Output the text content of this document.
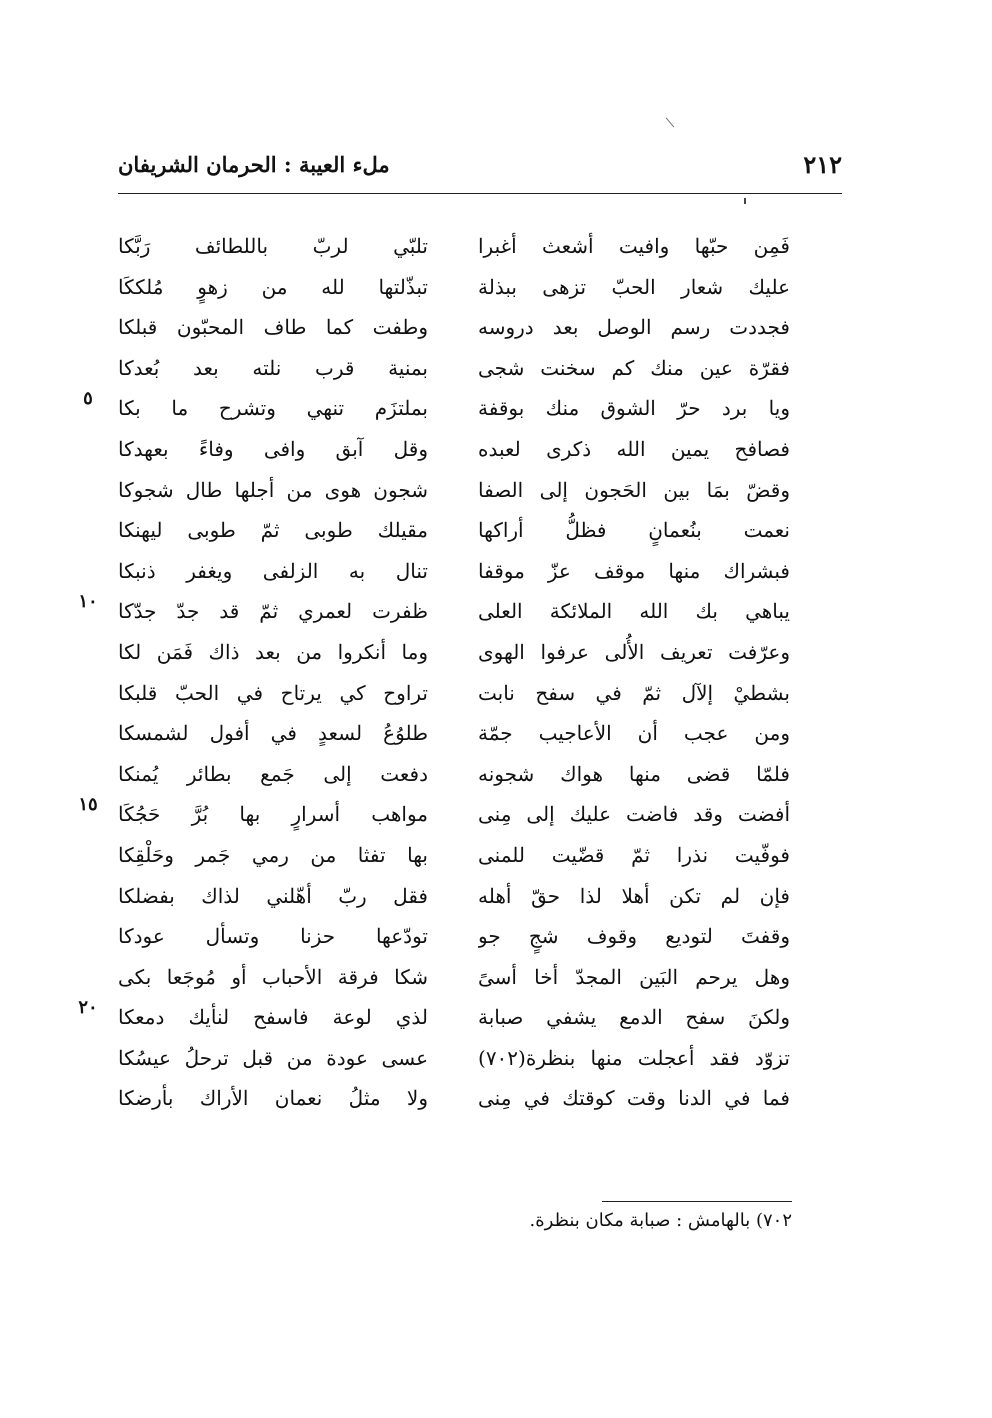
٢١٢
ملء العيبة : الحرمان الشريفان
فَمِن حبّها وافيت أشعث أغبرا
عليك شعار الحبّ تزهى ببذلة
فجددت رسم الوصل بعد دروسه
فقرّة عين منك كم سخنت شجى
ويا برد حرّ الشوق منك بوقفة
فصافح يمين الله ذكرى لعبده
وقضّ بمَا بين الحَجون إلى الصفا
نعمت بنُعمانٍ فظلُّ أراكها
فبشراك منها موقف عزّ موقفا
يباهي بك الله الملائكة العلى
وعرّفت تعريف الأُلى عرفوا الهوى
بشطيْ إلآل ثمّ في سفح نابت
ومن عجب أن الأعاجيب جمّة
فلمّا قضى منها هواك شجونه
أفضت وقد فاضت عليك إلى مِنى
فوفّيت نذرا ثمّ قضّيت للمنى
فإن لم تكن أهلا لذا حقّ أهله
وقفتَ لتوديع وقوف شجٍ جو
وهل يرحم البَين المجدّ أخا أسىً
ولكنَ سفح الدمع يشفي صبابة
تزوّد فقد أعجلت منها بنظرة(٧٠٢)
فما في الدنا وقت كوقتك في مِنى
تلبّي لربّ باللطائف رَبَّكا
تبذّلتها لله من زهوٍ مُلككَا
وطفت كما طاف المحبّون قبلكا
بمنية قرب نلته بعد بُعدكا
بملتزَم تنهي وتشرح ما بكا
وقل آبق وافى وفاءً بعهدكا
شجون هوى من أجلها طال شجوكا
مقيلك طوبى ثمّ طوبى ليهنكا
تنال به الزلفى ويغفر ذنبكا
ظفرت لعمري ثمّ قد جدّ جدّكا
وما أنكروا من بعد ذاك فَمَن لكا
تراوح كي يرتاح في الحبّ قلبكا
طلوُعُ لسعدٍ في أفول لشمسكا
دفعت إلى جَمع بطائر يُمنكا
مواهب أسرارٍ بها بُرَّ حَجُكَا
بها تفثا من رمي جَمر وحَلْقِكا
فقل ربّ أهّلني لذاك بفضلكا
تودّعها حزنا وتسأل عودكا
شكا فرقة الأحباب أو مُوجَعا بكى
لذي لوعة فاسفح لنأيك دمعكا
عسى عودة من قبل ترحلُ عيسُكا
ولا مثلُ نعمان الأراك بأرضكا
٥
١٠
١٥
٢٠
٧٠٢) بالهامش : صبابة مكان بنظرة.
